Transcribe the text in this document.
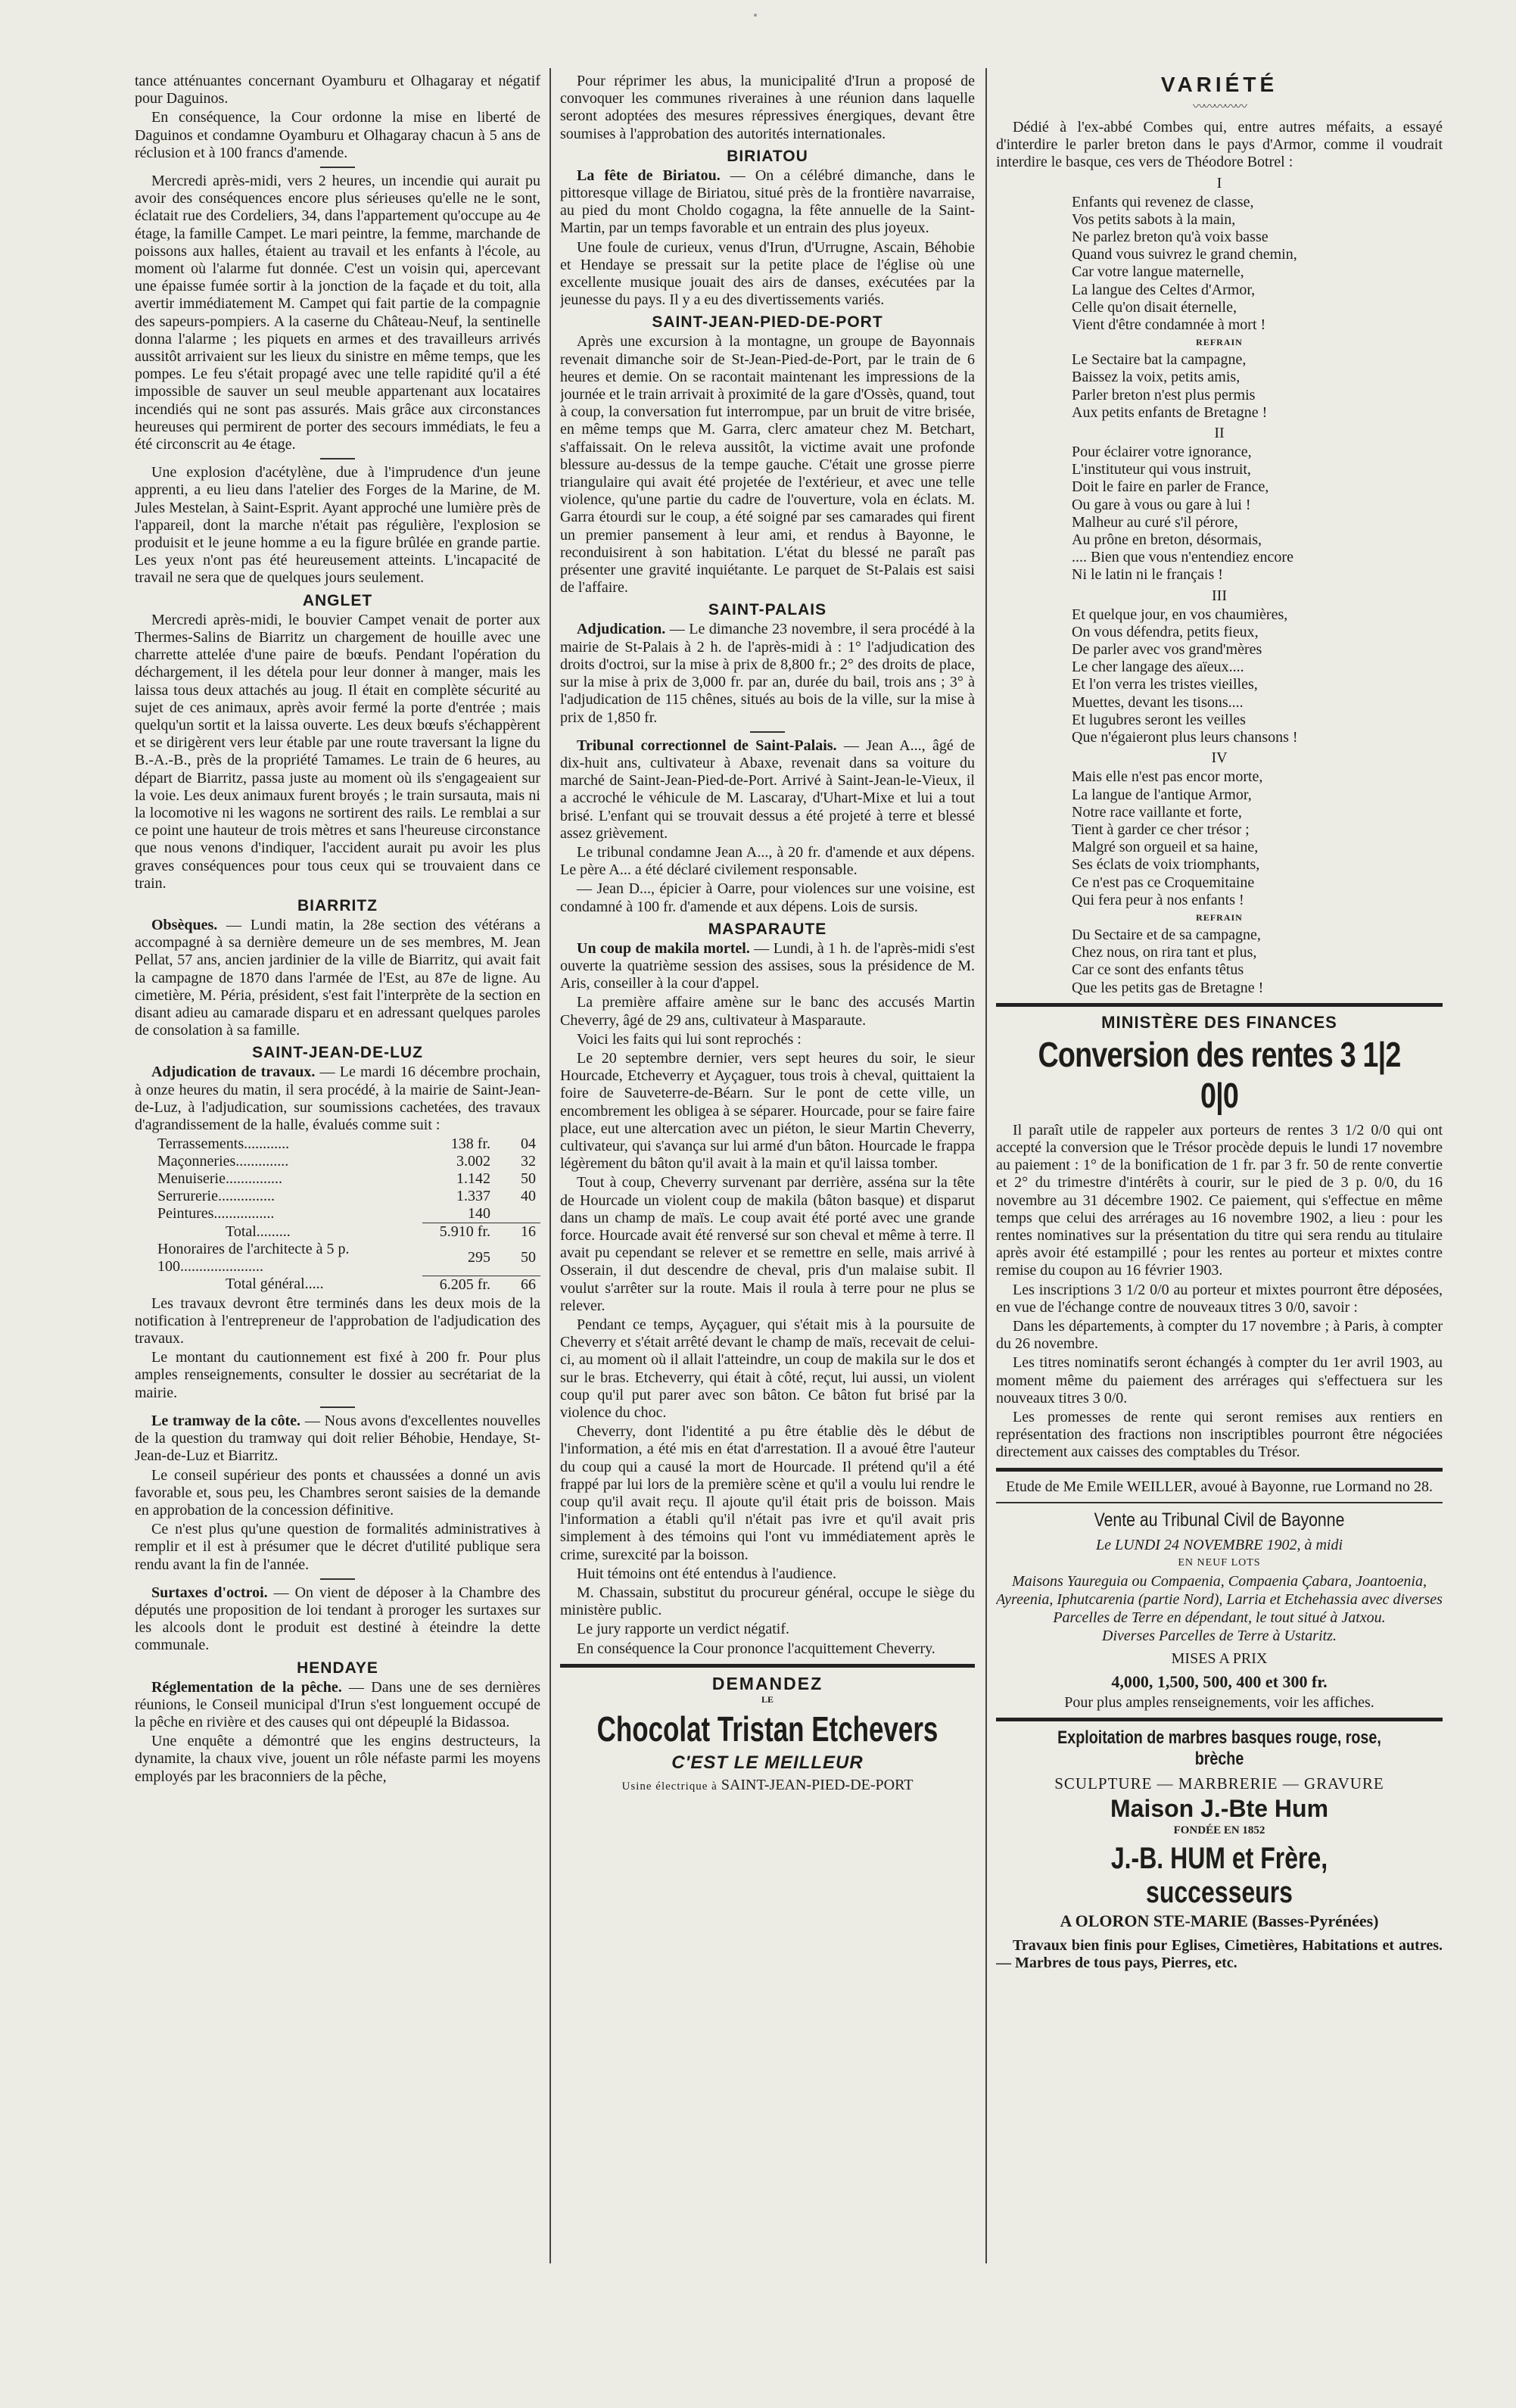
tance atténuantes concernant Oyamburu et Olhagaray et négatif pour Daguinos.

En conséquence, la Cour ordonne la mise en liberté de Daguinos et condamne Oyamburu et Olhagaray chacun à 5 ans de réclusion et à 100 francs d'amende.

Mercredi après-midi, vers 2 heures, un incendie qui aurait pu avoir des conséquences encore plus sérieuses qu'elle ne le sont, éclatait rue des Cordeliers, 34, dans l'appartement qu'occupe au 4e étage, la famille Campet. Le mari peintre, la femme, marchande de poissons aux halles, étaient au travail et les enfants à l'école, au moment où l'alarme fut donnée. C'est un voisin qui, apercevant une épaisse fumée sortir à la jonction de la façade et du toit, alla avertir immédiatement M. Campet qui fait partie de la compagnie des sapeurs-pompiers. A la caserne du Château-Neuf, la sentinelle donna l'alarme ; les piquets en armes et des travailleurs arrivés aussitôt arrivaient sur les lieux du sinistre en même temps, que les pompes. Le feu s'était propagé avec une telle rapidité qu'il a été impossible de sauver un seul meuble appartenant aux locataires incendiés qui ne sont pas assurés. Mais grâce aux circonstances heureuses qui permirent de porter des secours immédiats, le feu a été circonscrit au 4e étage.

Une explosion d'acétylène, due à l'imprudence d'un jeune apprenti, a eu lieu dans l'atelier des Forges de la Marine, de M. Jules Mestelan, à Saint-Esprit. Ayant approché une lumière près de l'appareil, dont la marche n'était pas régulière, l'explosion se produisit et le jeune homme a eu la figure brûlée en grande partie. Les yeux n'ont pas été heureusement atteints. L'incapacité de travail ne sera que de quelques jours seulement.

ANGLET

Mercredi après-midi, le bouvier Campet venait de porter aux Thermes-Salins de Biarritz un chargement de houille avec une charrette attelée d'une paire de bœufs. Pendant l'opération du déchargement, il les détela pour leur donner à manger, mais les laissa tous deux attachés au joug. Il était en complète sécurité au sujet de ces animaux, après avoir fermé la porte d'entrée ; mais quelqu'un sortit et la laissa ouverte. Les deux bœufs s'échappèrent et se dirigèrent vers leur étable par une route traversant la ligne du B.-A.-B., près de la propriété Tamames. Le train de 6 heures, au départ de Biarritz, passa juste au moment où ils s'engageaient sur la voie. Les deux animaux furent broyés ; le train sursauta, mais ni la locomotive ni les wagons ne sortirent des rails. Le remblai a sur ce point une hauteur de trois mètres et sans l'heureuse circonstance que nous venons d'indiquer, l'accident aurait pu avoir les plus graves conséquences pour tous ceux qui se trouvaient dans ce train.

BIARRITZ

Obsèques. — Lundi matin, la 28e section des vétérans a accompagné à sa dernière demeure un de ses membres, M. Jean Pellat, 57 ans, ancien jardinier de la ville de Biarritz, qui avait fait la campagne de 1870 dans l'armée de l'Est, au 87e de ligne. Au cimetière, M. Péria, président, s'est fait l'interprète de la section en disant adieu au camarade disparu et en adressant quelques paroles de consolation à sa famille.

SAINT-JEAN-DE-LUZ

Adjudication de travaux. — Le mardi 16 décembre prochain, à onze heures du matin, il sera procédé, à la mairie de Saint-Jean-de-Luz, à l'adjudication, sur soumissions cachetées, des travaux d'agrandissement de la halle, évalués comme suit :

Terrassements............	138 fr.	04
Maçonneries..............	3.002	32
Menuiserie...............	1.142	50
Serrurerie...............	1.337	40
Peintures................	140	
Total.........	5.910 fr.	16
Honoraires de l'architecte à 5 p. 100......................	295	50
Total général.....	6.205 fr.	66

Les travaux devront être terminés dans les deux mois de la notification à l'entrepreneur de l'approbation de l'adjudication des travaux.

Le montant du cautionnement est fixé à 200 fr. Pour plus amples renseignements, consulter le dossier au secrétariat de la mairie.

Le tramway de la côte. — Nous avons d'excellentes nouvelles de la question du tramway qui doit relier Béhobie, Hendaye, St-Jean-de-Luz et Biarritz.

Le conseil supérieur des ponts et chaussées a donné un avis favorable et, sous peu, les Chambres seront saisies de la demande en approbation de la concession définitive.

Ce n'est plus qu'une question de formalités administratives à remplir et il est à présumer que le décret d'utilité publique sera rendu avant la fin de l'année.

Surtaxes d'octroi. — On vient de déposer à la Chambre des députés une proposition de loi tendant à proroger les surtaxes sur les alcools dont le produit est destiné à éteindre la dette communale.

HENDAYE

Réglementation de la pêche. — Dans une de ses dernières réunions, le Conseil municipal d'Irun s'est longuement occupé de la pêche en rivière et des causes qui ont dépeuplé la Bidassoa.

Une enquête a démontré que les engins destructeurs, la dynamite, la chaux vive, jouent un rôle néfaste parmi les moyens employés par les braconniers de la pêche,

Pour réprimer les abus, la municipalité d'Irun a proposé de convoquer les communes riveraines à une réunion dans laquelle seront adoptées des mesures répressives énergiques, devant être soumises à l'approbation des autorités internationales.

BIRIATOU

La fête de Biriatou. — On a célébré dimanche, dans le pittoresque village de Biriatou, situé près de la frontière navarraise, au pied du mont Choldo cogagna, la fête annuelle de la Saint-Martin, par un temps favorable et un entrain des plus joyeux.

Une foule de curieux, venus d'Irun, d'Urrugne, Ascain, Béhobie et Hendaye se pressait sur la petite place de l'église où une excellente musique jouait des airs de danses, exécutées par la jeunesse du pays. Il y a eu des divertissements variés.

SAINT-JEAN-PIED-DE-PORT

Après une excursion à la montagne, un groupe de Bayonnais revenait dimanche soir de St-Jean-Pied-de-Port, par le train de 6 heures et demie. On se racontait maintenant les impressions de la journée et le train arrivait à proximité de la gare d'Ossès, quand, tout à coup, la conversation fut interrompue, par un bruit de vitre brisée, en même temps que M. Garra, clerc amateur chez M. Betchart, s'affaissait. On le releva aussitôt, la victime avait une profonde blessure au-dessus de la tempe gauche. C'était une grosse pierre triangulaire qui avait été projetée de l'extérieur, et avec une telle violence, qu'une partie du cadre de l'ouverture, vola en éclats. M. Garra étourdi sur le coup, a été soigné par ses camarades qui firent un premier pansement à leur ami, et rendus à Bayonne, le reconduisirent à son habitation. L'état du blessé ne paraît pas présenter une gravité inquiétante. Le parquet de St-Palais est saisi de l'affaire.

SAINT-PALAIS

Adjudication. — Le dimanche 23 novembre, il sera procédé à la mairie de St-Palais à 2 h. de l'après-midi à : 1° l'adjudication des droits d'octroi, sur la mise à prix de 8,800 fr.; 2° des droits de place, sur la mise à prix de 3,000 fr. par an, durée du bail, trois ans ; 3° à l'adjudication de 115 chênes, situés au bois de la ville, sur la mise à prix de 1,850 fr.

Tribunal correctionnel de Saint-Palais. — Jean A..., âgé de dix-huit ans, cultivateur à Abaxe, revenait dans sa voiture du marché de Saint-Jean-Pied-de-Port. Arrivé à Saint-Jean-le-Vieux, il a accroché le véhicule de M. Lascaray, d'Uhart-Mixe et lui a tout brisé. L'enfant qui se trouvait dessus a été projeté à terre et blessé assez grièvement.

Le tribunal condamne Jean A..., à 20 fr. d'amende et aux dépens. Le père A... a été déclaré civilement responsable.

— Jean D..., épicier à Oarre, pour violences sur une voisine, est condamné à 100 fr. d'amende et aux dépens. Lois de sursis.

MASPARAUTE

Un coup de makila mortel. — Lundi, à 1 h. de l'après-midi s'est ouverte la quatrième session des assises, sous la présidence de M. Aris, conseiller à la cour d'appel.

La première affaire amène sur le banc des accusés Martin Cheverry, âgé de 29 ans, cultivateur à Masparaute.

Voici les faits qui lui sont reprochés :

Le 20 septembre dernier, vers sept heures du soir, le sieur Hourcade, Etcheverry et Ayçaguer, tous trois à cheval, quittaient la foire de Sauveterre-de-Béarn. Sur le pont de cette ville, un encombrement les obligea à se séparer. Hourcade, pour se faire faire place, eut une altercation avec un piéton, le sieur Martin Cheverry, cultivateur, qui s'avança sur lui armé d'un bâton. Hourcade le frappa légèrement du bâton qu'il avait à la main et qu'il laissa tomber.

Tout à coup, Cheverry survenant par derrière, asséna sur la tête de Hourcade un violent coup de makila (bâton basque) et disparut dans un champ de maïs. Le coup avait été porté avec une grande force. Hourcade avait été renversé sur son cheval et même à terre. Il avait pu cependant se relever et se remettre en selle, mais arrivé à Osserain, il dut descendre de cheval, pris d'un malaise subit. Il voulut s'arrêter sur la route. Mais il roula à terre pour ne plus se relever.

Pendant ce temps, Ayçaguer, qui s'était mis à la poursuite de Cheverry et s'était arrêté devant le champ de maïs, recevait de celui-ci, au moment où il allait l'atteindre, un coup de makila sur le dos et sur le bras. Etcheverry, qui était à côté, reçut, lui aussi, un violent coup qu'il put parer avec son bâton. Ce bâton fut brisé par la violence du choc.

Cheverry, dont l'identité a pu être établie dès le début de l'information, a été mis en état d'arrestation. Il a avoué être l'auteur du coup qui a causé la mort de Hourcade. Il prétend qu'il a été frappé par lui lors de la première scène et qu'il a voulu lui rendre le coup qu'il avait reçu. Il ajoute qu'il était pris de boisson. Mais l'information a établi qu'il n'était pas ivre et qu'il avait pris simplement à des témoins qui l'ont vu immédiatement après le crime, surexcité par la boisson.

Huit témoins ont été entendus à l'audience.

M. Chassain, substitut du procureur général, occupe le siège du ministère public.

Le jury rapporte un verdict négatif.

En conséquence la Cour prononce l'acquittement Cheverry.

DEMANDEZ
LE
Chocolat Tristan Etchevers
C'EST LE MEILLEUR
Usine électrique à SAINT-JEAN-PIED-DE-PORT
VARIÉTÉ
〰〰〰〰〰

Dédié à l'ex-abbé Combes qui, entre autres méfaits, a essayé d'interdire le parler breton dans le pays d'Armor, comme il voudrait interdire le basque, ces vers de Théodore Botrel :

I
Enfants qui revenez de classe,
Vos petits sabots à la main,
Ne parlez breton qu'à voix basse
Quand vous suivrez le grand chemin,
Car votre langue maternelle,
La langue des Celtes d'Armor,
Celle qu'on disait éternelle,
Vient d'être condamnée à mort !
REFRAIN
Le Sectaire bat la campagne,
Baissez la voix, petits amis,
Parler breton n'est plus permis
Aux petits enfants de Bretagne !
II
Pour éclairer votre ignorance,
L'instituteur qui vous instruit,
Doit le faire en parler de France,
Ou gare à vous ou gare à lui !
Malheur au curé s'il pérore,
Au prône en breton, désormais,
.... Bien que vous n'entendiez encore
Ni le latin ni le français !
III
Et quelque jour, en vos chaumières,
On vous défendra, petits fieux,
De parler avec vos grand'mères
Le cher langage des aïeux....
Et l'on verra les tristes vieilles,
Muettes, devant les tisons....
Et lugubres seront les veilles
Que n'égaieront plus leurs chansons !
IV
Mais elle n'est pas encor morte,
La langue de l'antique Armor,
Notre race vaillante et forte,
Tient à garder ce cher trésor ;
Malgré son orgueil et sa haine,
Ses éclats de voix triomphants,
Ce n'est pas ce Croquemitaine
Qui fera peur à nos enfants !
REFRAIN
Du Sectaire et de sa campagne,
Chez nous, on rira tant et plus,
Car ce sont des enfants têtus
Que les petits gas de Bretagne !
MINISTÈRE DES FINANCES
Conversion des rentes 3 1|2 0|0

Il paraît utile de rappeler aux porteurs de rentes 3 1/2 0/0 qui ont accepté la conversion que le Trésor procède depuis le lundi 17 novembre au paiement : 1° de la bonification de 1 fr. par 3 fr. 50 de rente convertie et 2° du trimestre d'intérêts à courir, sur le pied de 3 p. 0/0, du 16 novembre au 31 décembre 1902. Ce paiement, qui s'effectue en même temps que celui des arrérages au 16 novembre 1902, a lieu : pour les rentes nominatives sur la présentation du titre qui sera rendu au titulaire après avoir été estampillé ; pour les rentes au porteur et mixtes contre remise du coupon au 16 février 1903.

Les inscriptions 3 1/2 0/0 au porteur et mixtes pourront être déposées, en vue de l'échange contre de nouveaux titres 3 0/0, savoir :

Dans les départements, à compter du 17 novembre ; à Paris, à compter du 26 novembre.

Les titres nominatifs seront échangés à compter du 1er avril 1903, au moment même du paiement des arrérages qui s'effectuera sur les nouveaux titres 3 0/0.

Les promesses de rente qui seront remises aux rentiers en représentation des fractions non inscriptibles pourront être négociées directement aux caisses des comptables du Trésor.

Etude de Me Emile WEILLER, avoué à Bayonne, rue Lormand no 28.
Vente au Tribunal Civil de Bayonne
Le LUNDI 24 NOVEMBRE 1902, à midi
EN NEUF LOTS
Maisons Yaureguia ou Compaenia, Compaenia Çabara, Joantoenia, Ayreenia, Iphutcarenia (partie Nord), Larria et Etchehassia avec diverses Parcelles de Terre en dépendant, le tout situé à Jatxou.
Diverses Parcelles de Terre à Ustaritz.
MISES A PRIX
4,000, 1,500, 500, 400 et 300 fr.
Pour plus amples renseignements, voir les affiches.
Exploitation de marbres basques rouge, rose, brèche
SCULPTURE — MARBRERIE — GRAVURE
Maison J.-Bte Hum
FONDÉE EN 1852
J.-B. HUM et Frère, successeurs
A OLORON STE-MARIE (Basses-Pyrénées)
Travaux bien finis pour Eglises, Cimetières, Habitations et autres. — Marbres de tous pays, Pierres, etc.
